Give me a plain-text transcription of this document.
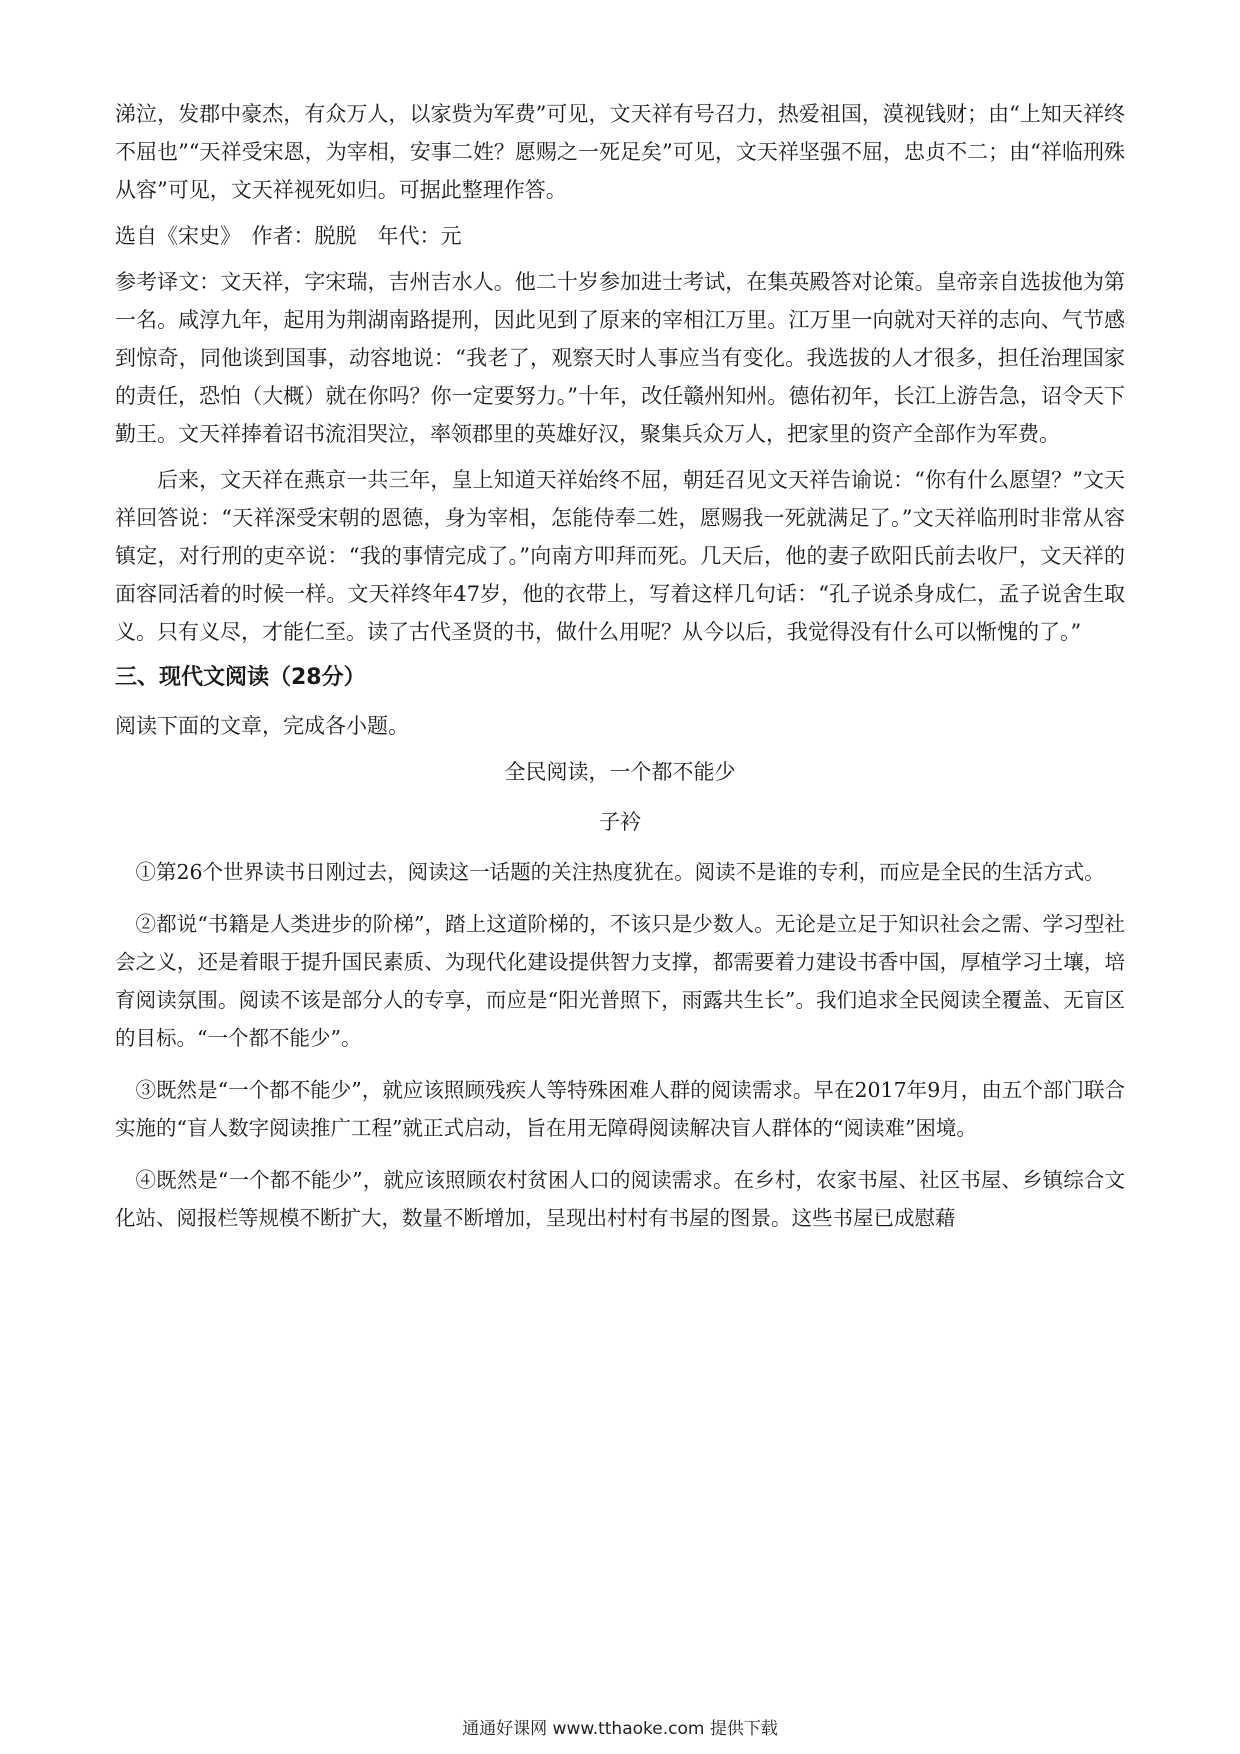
涕泣，发郡中豪杰，有众万人，以家赀为军费”可见，文天祥有号召力，热爱祖国，漠视钱财；由“上知天祥终不屈也”“天祥受宋恩，为宰相，安事二姓？愿赐之一死足矣”可见，文天祥坚强不屈，忠贞不二；由“祥临刑殊从容”可见，文天祥视死如归。可据此整理作答。

选自《宋史》　作者：脱脱　年代：元

参考译文：文天祥，字宋瑞，吉州吉水人。他二十岁参加进士考试，在集英殿答对论策。皇帝亲自选拔他为第一名。咸淳九年，起用为荆湖南路提刑，因此见到了原来的宰相江万里。江万里一向就对天祥的志向、气节感到惊奇，同他谈到国事，动容地说：“我老了，观察天时人事应当有变化。我选拔的人才很多，担任治理国家的责任，恐怕（大概）就在你吗？你一定要努力。”十年，改任赣州知州。德佑初年，长江上游告急，诏令天下勤王。文天祥捧着诏书流泪哭泣，率领郡里的英雄好汉，聚集兵众万人，把家里的资产全部作为军费。

后来，文天祥在燕京一共三年，皇上知道天祥始终不屈，朝廷召见文天祥告谕说：“你有什么愿望？”文天祥回答说：“天祥深受宋朝的恩德，身为宰相，怎能侍奉二姓，愿赐我一死就满足了。”文天祥临刑时非常从容镇定，对行刑的吏卒说：“我的事情完成了。”向南方叩拜而死。几天后，他的妻子欧阳氏前去收尸，文天祥的面容同活着的时候一样。文天祥终年47岁，他的衣带上，写着这样几句话：“孔子说杀身成仁，孟子说舍生取义。只有义尽，才能仁至。读了古代圣贤的书，做什么用呢？从今以后，我觉得没有什么可以惭愧的了。”

三、现代文阅读（28分）

阅读下面的文章，完成各小题。

全民阅读，一个都不能少

子衿

①第26个世界读书日刚过去，阅读这一话题的关注热度犹在。阅读不是谁的专利，而应是全民的生活方式。

②都说“书籍是人类进步的阶梯”，踏上这道阶梯的，不该只是少数人。无论是立足于知识社会之需、学习型社会之义，还是着眼于提升国民素质、为现代化建设提供智力支撑，都需要着力建设书香中国，厚植学习土壤，培育阅读氛围。阅读不该是部分人的专享，而应是“阳光普照下，雨露共生长”。我们追求全民阅读全覆盖、无盲区的目标。“一个都不能少”。

③既然是“一个都不能少”，就应该照顾残疾人等特殊困难人群的阅读需求。早在2017年9月，由五个部门联合实施的“盲人数字阅读推广工程”就正式启动，旨在用无障碍阅读解决盲人群体的“阅读难”困境。

④既然是“一个都不能少”，就应该照顾农村贫困人口的阅读需求。在乡村，农家书屋、社区书屋、乡镇综合文化站、阅报栏等规模不断扩大，数量不断增加，呈现出村村有书屋的图景。这些书屋已成慰藉

通通好课网 www.tthaoke.com 提供下载
